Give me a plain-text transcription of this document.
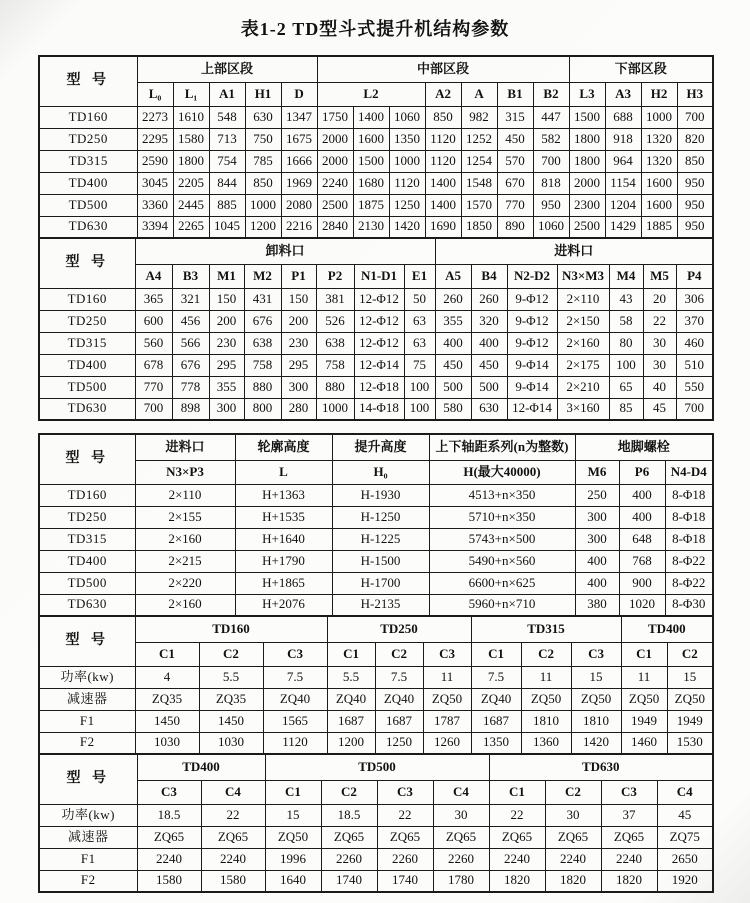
表1-2 TD型斗式提升机结构参数
型 号	上部区段					中部区段							下部区段			
	L₀	L₁	A1	H1	D	L2			A2	A	B1	B2	L3	A3	H2	H3
TD160	2273	1610	548	630	1347	1750	1400	1060	850	982	315	447	1500	688	1000	700
TD250	2295	1580	713	750	1675	2000	1600	1350	1120	1252	450	582	1800	918	1320	820
TD315	2590	1800	754	785	1666	2000	1500	1000	1120	1254	570	700	1800	964	1320	850
TD400	3045	2205	844	850	1969	2240	1680	1120	1400	1548	670	818	2000	1154	1600	950
TD500	3360	2445	885	1000	2080	2500	1875	1250	1400	1570	770	950	2300	1204	1600	950
TD630	3394	2265	1045	1200	2216	2840	2130	1420	1690	1850	890	1060	2500	1429	1885	950
型 号	卸料口								进料口						
	A4	B3	M1	M2	P1	P2	N1-D1	E1	A5	B4	N2-D2	N3×M3	M4	M5	P4
TD160	365	321	150	431	150	381	12-Φ12	50	260	260	9-Φ12	2×110	43	20	306
TD250	600	456	200	676	200	526	12-Φ12	63	355	320	9-Φ12	2×150	58	22	370
TD315	560	566	230	638	230	638	12-Φ12	63	400	400	9-Φ12	2×160	80	30	460
TD400	678	676	295	758	295	758	12-Φ14	75	450	450	9-Φ14	2×175	100	30	510
TD500	770	778	355	880	300	880	12-Φ18	100	500	500	9-Φ14	2×210	65	40	550
TD630	700	898	300	800	280	1000	14-Φ18	100	580	630	12-Φ14	3×160	85	45	700
型 号	进料口	轮廓高度	提升高度	上下轴距系列(n为整数)	地脚螺栓		
	N3×P3	L	H₀	H(最大40000)	M6	P6	N4-D4
TD160	2×110	H+1363	H-1930	4513+n×350	250	400	8-Φ18
TD250	2×155	H+1535	H-1250	5710+n×350	300	400	8-Φ18
TD315	2×160	H+1640	H-1225	5743+n×500	300	648	8-Φ18
TD400	2×215	H+1790	H-1500	5490+n×560	400	768	8-Φ22
TD500	2×220	H+1865	H-1700	6600+n×625	400	900	8-Φ22
TD630	2×160	H+2076	H-2135	5960+n×710	380	1020	8-Φ30
型 号	TD160			TD250			TD315			TD400	
	C1	C2	C3	C1	C2	C3	C1	C2	C3	C1	C2
功率(kw)	4	5.5	7.5	5.5	7.5	11	7.5	11	15	11	15
减速器	ZQ35	ZQ35	ZQ40	ZQ40	ZQ40	ZQ50	ZQ40	ZQ50	ZQ50	ZQ50	ZQ50
F1	1450	1450	1565	1687	1687	1787	1687	1810	1810	1949	1949
F2	1030	1030	1120	1200	1250	1260	1350	1360	1420	1460	1530
型 号	TD400		TD500				TD630			
	C3	C4	C1	C2	C3	C4	C1	C2	C3	C4
功率(kw)	18.5	22	15	18.5	22	30	22	30	37	45
减速器	ZQ65	ZQ65	ZQ50	ZQ65	ZQ65	ZQ65	ZQ65	ZQ65	ZQ65	ZQ75
F1	2240	2240	1996	2260	2260	2260	2240	2240	2240	2650
F2	1580	1580	1640	1740	1740	1780	1820	1820	1820	1920
